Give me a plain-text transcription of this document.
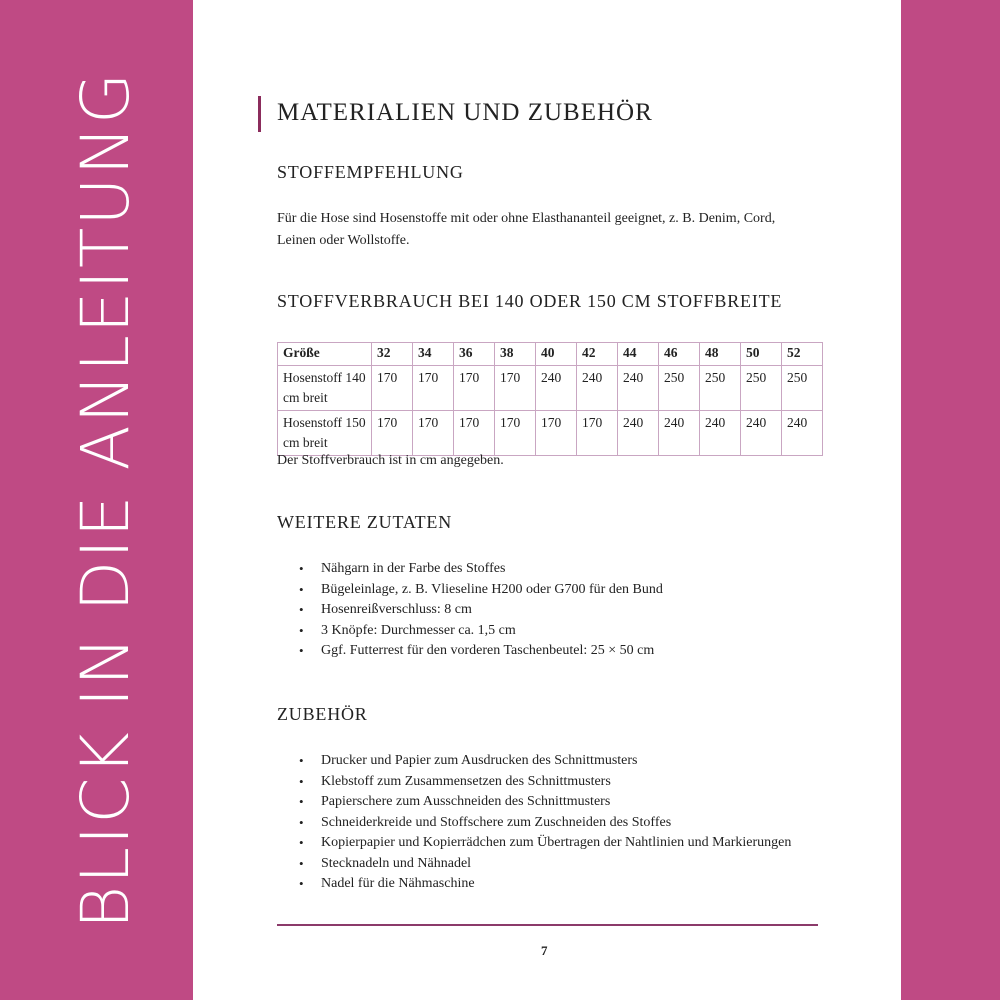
BLICK IN DIE ANLEITUNG	MATERIALIEN UND ZUBEHÖR
STOFFEMPFEHLUNG
Für die Hose sind Hosenstoffe mit oder ohne Elasthananteil geeignet, z. B. Denim, Cord, Leinen oder Wollstoffe.
STOFFVERBRAUCH BEI 140 ODER 150 CM STOFFBREITE
Größe	32	34	36	38	40	42	44	46	48	50	52
Hosenstoff 140 cm breit	170	170	170	170	240	240	240	250	250	250	250
Hosenstoff 150 cm breit	170	170	170	170	170	170	240	240	240	240	240
Der Stoffverbrauch ist in cm angegeben.
WEITERE ZUTATEN
• Nähgarn in der Farbe des Stoffes
• Bügeleinlage, z. B. Vlieseline H200 oder G700 für den Bund
• Hosenreißverschluss: 8 cm
• 3 Knöpfe: Durchmesser ca. 1,5 cm
• Ggf. Futterrest für den vorderen Taschenbeutel: 25 × 50 cm
ZUBEHÖR
• Drucker und Papier zum Ausdrucken des Schnittmusters
• Klebstoff zum Zusammensetzen des Schnittmusters
• Papierschere zum Ausschneiden des Schnittmusters
• Schneiderkreide und Stoffschere zum Zuschneiden des Stoffes
• Kopierpapier und Kopierrädchen zum Übertragen der Nahtlinien und Markierungen
• Stecknadeln und Nähnadel
• Nadel für die Nähmaschine
7
